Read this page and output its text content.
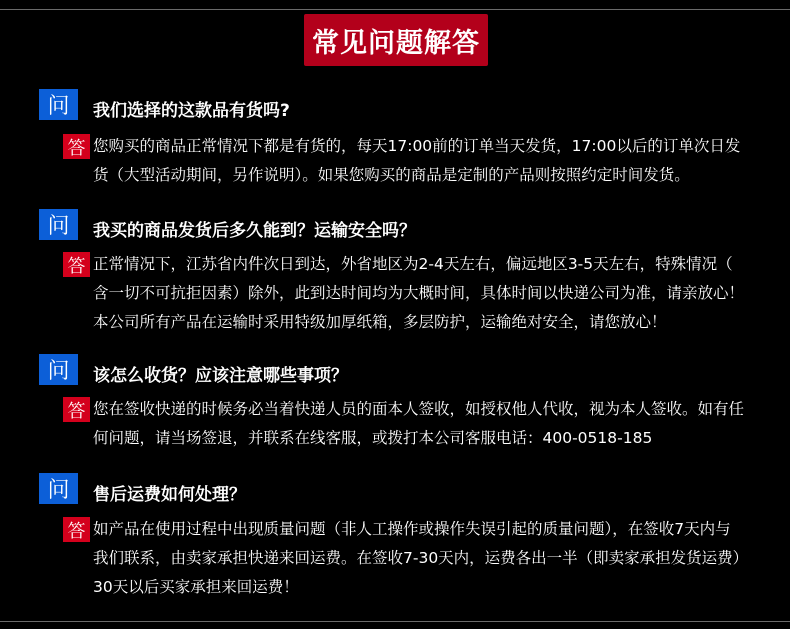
常见问题解答
问 我们选择的这款品有货吗?
答 您购买的商品正常情况下都是有货的，每天17:00前的订单当天发货，17:00以后的订单次日发
货（大型活动期间，另作说明）。如果您购买的商品是定制的产品则按照约定时间发货。
问 我买的商品发货后多久能到？运输安全吗？
答 正常情况下，江苏省内件次日到达，外省地区为2-4天左右，偏远地区3-5天左右，特殊情况（
含一切不可抗拒因素）除外，此到达时间均为大概时间，具体时间以快递公司为准，请亲放心！
本公司所有产品在运输时采用特级加厚纸箱，多层防护，运输绝对安全，请您放心！
问 该怎么收货？应该注意哪些事项？
答 您在签收快递的时候务必当着快递人员的面本人签收，如授权他人代收，视为本人签收。如有任
何问题，请当场签退，并联系在线客服，或拨打本公司客服电话：400-0518-185
问 售后运费如何处理？
答 如产品在使用过程中出现质量问题（非人工操作或操作失误引起的质量问题），在签收7天内与
我们联系，由卖家承担快递来回运费。在签收7-30天内，运费各出一半（即卖家承担发货运费）
30天以后买家承担来回运费！
